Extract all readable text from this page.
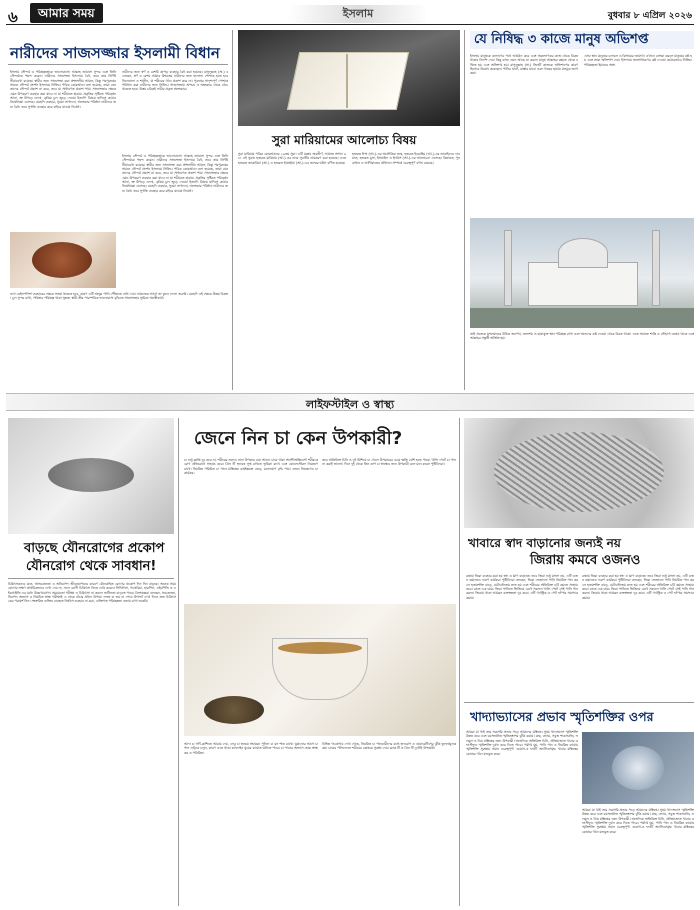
৬	আমার সময়	ইসলাম	বুধবার ৮ এপ্রিল ২০২৬
নারীদের সাজসজ্জার ইসলামী বিধান
ইসলাম সৌন্দর্য ও পরিচ্ছন্নতাকে ভালোবাসে। আল্লাহ তায়ালা সুন্দর এবং তিনি সৌন্দর্যকে পছন্দ করেন। নারীদের সাজসজ্জা ইসলামে বৈধ, তবে তার নির্দিষ্ট সীমারেখা রয়েছে। স্বামীর জন্য সাজসজ্জা করা প্রশংসনীয় আমল, কিন্তু পরপুরুষের সামনে সৌন্দর্য প্রদর্শন ইসলামে নিষিদ্ধ। পবিত্র কোরআনে বলা হয়েছে, তারা যেন তাদের সৌন্দর্য প্রকাশ না করে, তবে যা সাধারণত প্রকাশ পায়। সাজসজ্জার ক্ষেত্রে এমন উপকরণ ব্যবহার করা যাবে না যা শরীয়তে হারাম। প্রকৃতির সৃষ্টিতে পরিবর্তন আনা, ভ্রু উপড়ে ফেলা, কৃত্রিম চুল জুড়ে দেওয়া ইত্যাদি বিষয়ে হাদিসে কঠোর নিষেধাজ্ঞা এসেছে। মেহেদি ব্যবহার, সুরমা লাগানো, অলংকার পরিধান নারীদের জন্য বৈধ। তবে সুগন্ধি ব্যবহার করে বাইরে যাওয়া নিষেধ।
নারীদের জন্য স্বর্ণ ও রেশমি কাপড় ব্যবহার বৈধ করা হয়েছে। রাসুলুল্লাহ (সা.) বলেছেন, স্বর্ণ ও রেশম আমার উম্মতের নারীদের জন্য হালাল। পোশাক হতে হবে ঢিলেঢালা ও শালীন, যা শরীরের গঠন প্রকাশ করে না। পুরুষের সাদৃশ্যপূর্ণ পোশাক পরিধান করা নারীদের জন্য নিষিদ্ধ। সাজসজ্জায় অপচয় ও অহংকার থেকে বেঁচে থাকতে হবে। উত্তম চরিত্রই নারীর প্রকৃত অলংকার।
নখে নেইলপলিশ ব্যবহারের ক্ষেত্রে সতর্ক থাকতে হবে, কারণ এটি অজুর পানি পৌঁছাতে বাধা দেয়। নামাজের আগে তা তুলে ফেলা জরুরি। মেহেদি এই ক্ষেত্রে উত্তম বিকল্প। চুল সুন্দর রাখা, পরিষ্কার পরিচ্ছন্ন থাকা সুন্নত। স্বামী-স্ত্রীর পারস্পরিক ভালোবাসা বৃদ্ধিতে সাজসজ্জার ভূমিকা অনস্বীকার্য।
ইসলাম সৌন্দর্য ও পরিচ্ছন্নতাকে ভালোবাসে। আল্লাহ তায়ালা সুন্দর এবং তিনি সৌন্দর্যকে পছন্দ করেন। নারীদের সাজসজ্জা ইসলামে বৈধ, তবে তার নির্দিষ্ট সীমারেখা রয়েছে। স্বামীর জন্য সাজসজ্জা করা প্রশংসনীয় আমল, কিন্তু পরপুরুষের সামনে সৌন্দর্য প্রদর্শন ইসলামে নিষিদ্ধ। পবিত্র কোরআনে বলা হয়েছে, তারা যেন তাদের সৌন্দর্য প্রকাশ না করে, তবে যা সাধারণত প্রকাশ পায়। সাজসজ্জার ক্ষেত্রে এমন উপকরণ ব্যবহার করা যাবে না যা শরীয়তে হারাম। প্রকৃতির সৃষ্টিতে পরিবর্তন আনা, ভ্রু উপড়ে ফেলা, কৃত্রিম চুল জুড়ে দেওয়া ইত্যাদি বিষয়ে হাদিসে কঠোর নিষেধাজ্ঞা এসেছে। মেহেদি ব্যবহার, সুরমা লাগানো, অলংকার পরিধান নারীদের জন্য বৈধ। তবে সুগন্ধি ব্যবহার করে বাইরে যাওয়া নিষেধ।
সুরা মারিয়ামের আলোচ্য বিষয়
সুরা মারিয়াম পবিত্র কোরআনের ১৯তম সুরা। এটি মক্কায় অবতীর্ণ, আয়াত সংখ্যা ৯৮। এই সুরায় হজরত মারিয়াম (আ.)-এর নামে সুরাটির নামকরণ করা হয়েছে। এতে হজরত জাকারিয়া (আ.) ও হজরত ইয়াহইয়া (আ.)-এর জন্মের ঘটনা বর্ণিত হয়েছে।
হজরত ঈসা (আ.)-এর অলৌকিক জন্ম, হজরত ইবরাহিম (আ.)-এর তাওহিদের দাওয়াত, হজরত মুসা, ইসমাইল ও ইদরিস (আ.)-এর আলোচনা এসেছে। কিয়ামত, পুনরুত্থান ও আখিরাতের প্রতিদান সম্পর্কে গুরুত্বপূর্ণ বর্ণনা রয়েছে।
যে নিষিদ্ধ ৩ কাজে মানুষ অভিশপ্ত
ইসলাম মানুষকে কল্যাণের পথে আহ্বান করে এবং অকল্যাণকর কাজ থেকে বিরত থাকার নির্দেশ দেয়। কিছু কাজ এমন আছে যা করলে মানুষ আল্লাহর রহমত থেকে বঞ্চিত হয় এবং অভিশপ্ত হয়। রাসুলুল্লাহ (সা.) তিনটি কাজকে অভিশাপের কারণ হিসেবে উল্লেখ করেছেন। পানির ঘাটে, রাস্তার মাঝে এবং গাছের ছায়ায় মলমূত্র ত্যাগ করা।
এসব স্থান মানুষের চলাচল ও বিশ্রামের জায়গা। এখানে নোংরা করলে মানুষের কষ্ট হয় এবং তারা অভিশাপ দেয়। ইসলামে জনসাধারণের কষ্ট দেওয়া কঠোরভাবে নিষিদ্ধ। পরিচ্ছন্নতা ইমানের অঙ্গ।
তাই প্রত্যেক মুসলমানের উচিত জনপথ, জলাশয় ও ছায়াযুক্ত স্থান পরিচ্ছন্ন রাখা এবং অন্যদের কষ্ট দেওয়া থেকে বিরত থাকা। এতে সমাজে শান্তি ও সৌহার্দ্য বজায় থাকে এবং আল্লাহর সন্তুষ্টি অর্জিত হয়।
লাইফস্টাইল ও স্বাস্থ্য
বাড়ছে যৌনরোগের প্রকোপ
যৌনরোগ থেকে সাবধান!
চিকিৎসকদের মতে, অসচেতনতা ও অনিরাপদ জীবনযাপনের কারণে যৌনবাহিত রোগের প্রকোপ দিন দিন বাড়ছে। অনেক সময় রোগের লক্ষণ প্রাথমিকভাবে দেখা দেয় না, ফলে রোগী চিকিৎসা নিতে দেরি করেন। সিফিলিস, গনোরিয়া, হারপিস, এইচপিভি ও এইচআইভি এর মধ্যে উল্লেখযোগ্য। সময়মতো পরীক্ষা ও চিকিৎসা না করলে জটিলতা বাড়তে পারে। বিশেষজ্ঞরা বলছেন, সচেতনতা, নিরাপদ অভ্যাস ও নিয়মিত স্বাস্থ্য পরীক্ষাই এ থেকে বাঁচার প্রধান উপায়। লজ্জা বা ভয় না পেয়ে উপসর্গ দেখা দিলে দ্রুত চিকিৎসকের পরামর্শ নিন। সংক্রমিত ব্যক্তির ব্যবহৃত জিনিস ব্যবহার না করা, ব্যক্তিগত পরিচ্ছন্নতা বজায় রাখা জরুরি।
জেনে নিন চা কেন উপকারী?
চা শুধু ক্লান্তি দূর করে না, শরীরের জন্যও নানা উপকার বয়ে আনে। চায়ে থাকা অ্যান্টিঅক্সিডেন্ট শরীরকে রোগ প্রতিরোধে সাহায্য করে। গ্রিন টি হৃদযন্ত্র সুস্থ রাখতে ভূমিকা রাখে এবং কোলেস্টেরল নিয়ন্ত্রণে রাখে। নিয়মিত পরিমিত চা পানে মস্তিষ্কের কার্যক্ষমতা বাড়ে, মনোযোগ বৃদ্ধি পায়। ওজন নিয়ন্ত্রণেও চা কার্যকর।
তবে অতিরিক্ত চিনি ও দুধ মিশিয়ে চা খেলে উপকারের চেয়ে ক্ষতি বেশি হতে পারে। খালি পেটে চা পান না করাই ভালো। দিনে দুই থেকে তিন কাপ চা স্বাস্থ্যের জন্য উপকারী বলে মনে করেন পুষ্টিবিদরা।
আদা চা সর্দি-কাশিতে আরাম দেয়, লেবু চা হজমে সহায়ক। পুদিনা চা মন শান্ত রাখে। ঘুমানোর আগে চা পান এড়িয়ে চলুন, কারণ এতে থাকা ক্যাফেইন ঘুমের ব্যাঘাত ঘটাতে পারে। চা পানের অভ্যাস হোক স্বাস্থ্যকর ও পরিমিত।
বিভিন্ন গবেষণায় দেখা গেছে, নিয়মিত চা পানকারীদের মধ্যে হৃদরোগ ও ডায়াবেটিসের ঝুঁকি তুলনামূলক কম। চায়ের পলিফেনল শরীরের কোষকে সুরক্ষা দেয়। ব্ল্যাক টি ও গ্রিন টি দুটোই উপকারী।
খাবারে স্বাদ বাড়ানোর জন্যই নয়
জিরায় কমবে ওজনও
রান্নায় জিরা ব্যবহার করা হয় স্বাদ ও ঘ্রাণ বাড়াতে। তবে জিরা শুধু মসলা নয়, এটি ওজন কমাতেও দারুণ কার্যকর। পুষ্টিবিদরা বলছেন, জিরা ভেজানো পানি নিয়মিত পান করলে হজমশক্তি বাড়ে, মেটাবলিজম দ্রুত হয় এবং শরীরের অতিরিক্ত চর্বি কমতে সাহায্য করে। রাতে এক চামচ জিরা পানিতে ভিজিয়ে রেখে সকালে খালি পেটে সেই পানি পান করুন। জিরায় থাকা আয়রন রক্তস্বল্পতা দূর করে। এটি গ্যাস্ট্রিক ও পেট ফাঁপার সমস্যাও কমায়।
রান্নায় জিরা ব্যবহার করা হয় স্বাদ ও ঘ্রাণ বাড়াতে। তবে জিরা শুধু মসলা নয়, এটি ওজন কমাতেও দারুণ কার্যকর। পুষ্টিবিদরা বলছেন, জিরা ভেজানো পানি নিয়মিত পান করলে হজমশক্তি বাড়ে, মেটাবলিজম দ্রুত হয় এবং শরীরের অতিরিক্ত চর্বি কমতে সাহায্য করে। রাতে এক চামচ জিরা পানিতে ভিজিয়ে রেখে সকালে খালি পেটে সেই পানি পান করুন। জিরায় থাকা আয়রন রক্তস্বল্পতা দূর করে। এটি গ্যাস্ট্রিক ও পেট ফাঁপার সমস্যাও কমায়।
খাদ্যাভ্যাসের প্রভাব স্মৃতিশক্তির ওপর
আমরা যা খাই তার সরাসরি প্রভাব পড়ে আমাদের মস্তিষ্কে। সুষম খাদ্যাভ্যাস স্মৃতিশক্তি উন্নত করে এবং বয়সজনিত স্মৃতিভ্রংশের ঝুঁকি কমায়। মাছ, বাদাম, সবুজ শাকসবজি, ফলমূল ও ডিম মস্তিষ্কের জন্য উপকারী। অন্যদিকে অতিরিক্ত চিনি, প্রক্রিয়াজাত খাবার ও ফাস্টফুড স্মৃতিশক্তি দুর্বল করে দিতে পারে। পর্যাপ্ত ঘুম, পানি পান ও নিয়মিত ব্যায়াম স্মৃতিশক্তি সুরক্ষায় সমান গুরুত্বপূর্ণ। ওমেগা-৩ ফ্যাটি অ্যাসিডসমৃদ্ধ খাবার মস্তিষ্কের কোষের গঠন মজবুত করে।
আমরা যা খাই তার সরাসরি প্রভাব পড়ে আমাদের মস্তিষ্কে। সুষম খাদ্যাভ্যাস স্মৃতিশক্তি উন্নত করে এবং বয়সজনিত স্মৃতিভ্রংশের ঝুঁকি কমায়। মাছ, বাদাম, সবুজ শাকসবজি, ফলমূল ও ডিম মস্তিষ্কের জন্য উপকারী। অন্যদিকে অতিরিক্ত চিনি, প্রক্রিয়াজাত খাবার ও ফাস্টফুড স্মৃতিশক্তি দুর্বল করে দিতে পারে। পর্যাপ্ত ঘুম, পানি পান ও নিয়মিত ব্যায়াম স্মৃতিশক্তি সুরক্ষায় সমান গুরুত্বপূর্ণ। ওমেগা-৩ ফ্যাটি অ্যাসিডসমৃদ্ধ খাবার মস্তিষ্কের কোষের গঠন মজবুত করে।
